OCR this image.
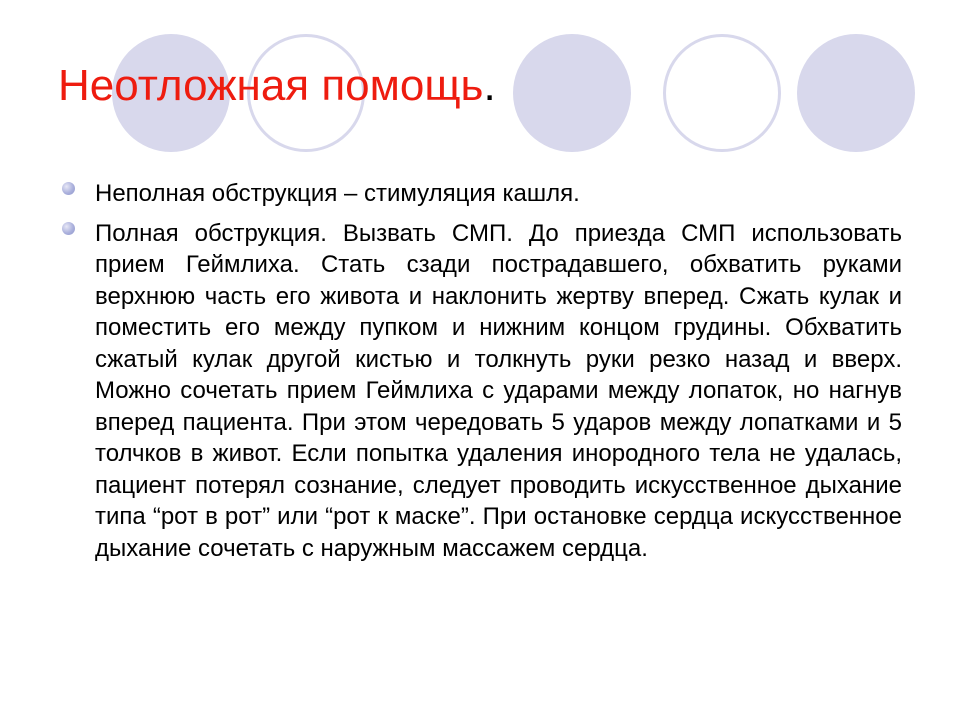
Неотложная помощь.
Неполная обструкция – стимуляция кашля.
Полная обструкция. Вызвать СМП. До приезда СМП использовать прием Геймлиха. Стать сзади пострадавшего, обхватить руками верхнюю часть его живота и наклонить жертву вперед. Сжать кулак и поместить его между пупком и нижним концом грудины. Обхватить сжатый кулак другой кистью и толкнуть руки резко назад и вверх. Можно сочетать прием Геймлиха с ударами между лопаток, но нагнув вперед пациента. При этом чередовать 5 ударов между лопатками и 5 толчков в живот. Если попытка удаления инородного тела не удалась, пациент потерял сознание, следует проводить искусственное дыхание типа “рот в рот” или “рот к маске”. При остановке сердца искусственное дыхание сочетать с наружным массажем сердца.
